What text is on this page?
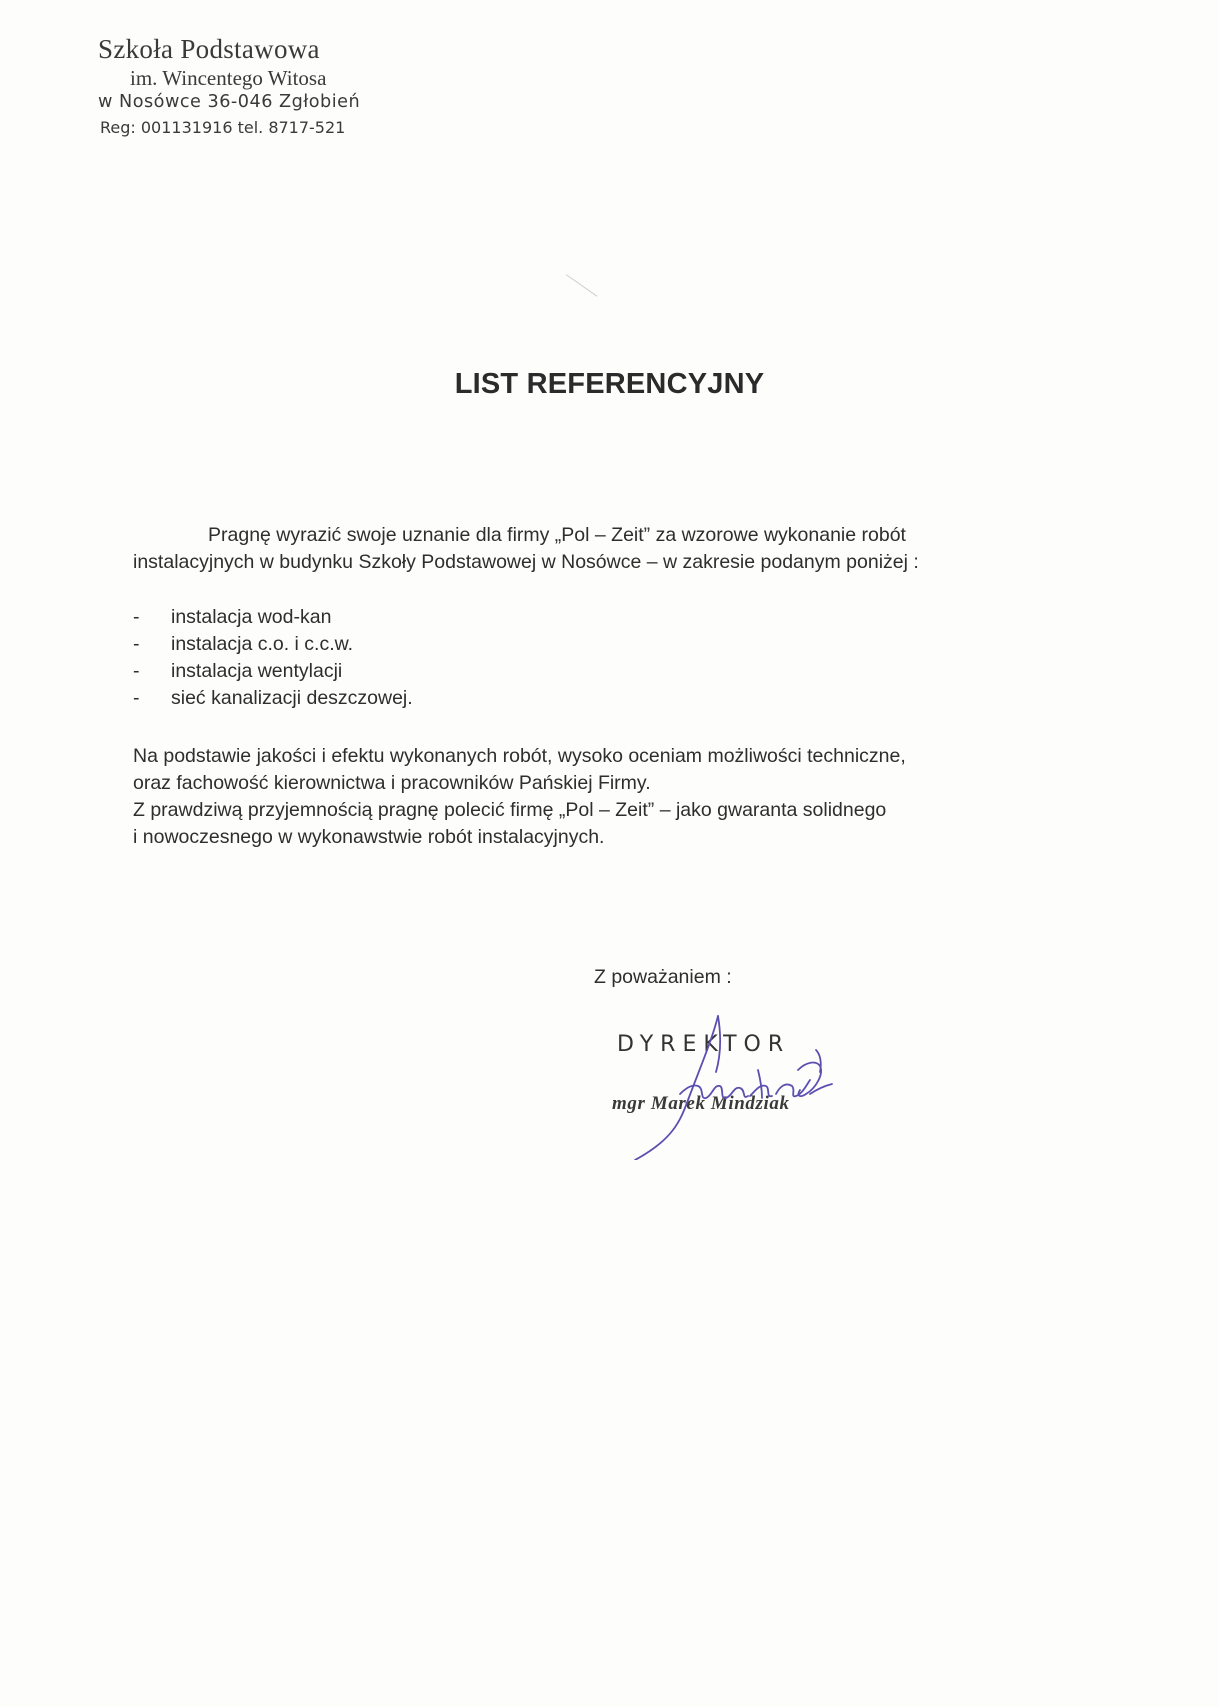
Szkoła Podstawowa
im. Wincentego Witosa
w Nosówce 36-046 Zgłobień
Reg: 001131916 tel. 8717-521
LIST REFERENCYJNY
Pragnę wyrazić swoje uznanie dla firmy „Pol – Zeit” za wzorowe wykonanie robót
instalacyjnych w budynku Szkoły Podstawowej w Nosówce – w zakresie podanym poniżej :
- instalacja wod-kan
- instalacja c.o. i c.c.w.
- instalacja wentylacji
- sieć kanalizacji deszczowej.
Na podstawie jakości i efektu wykonanych robót, wysoko oceniam możliwości techniczne,
oraz fachowość kierownictwa i pracowników Pańskiej Firmy.
Z prawdziwą przyjemnością pragnę polecić firmę „Pol – Zeit” – jako gwaranta solidnego
i nowoczesnego w wykonawstwie robót instalacyjnych.
Z poważaniem :
DYREKTOR
mgr Marek Mindziak
